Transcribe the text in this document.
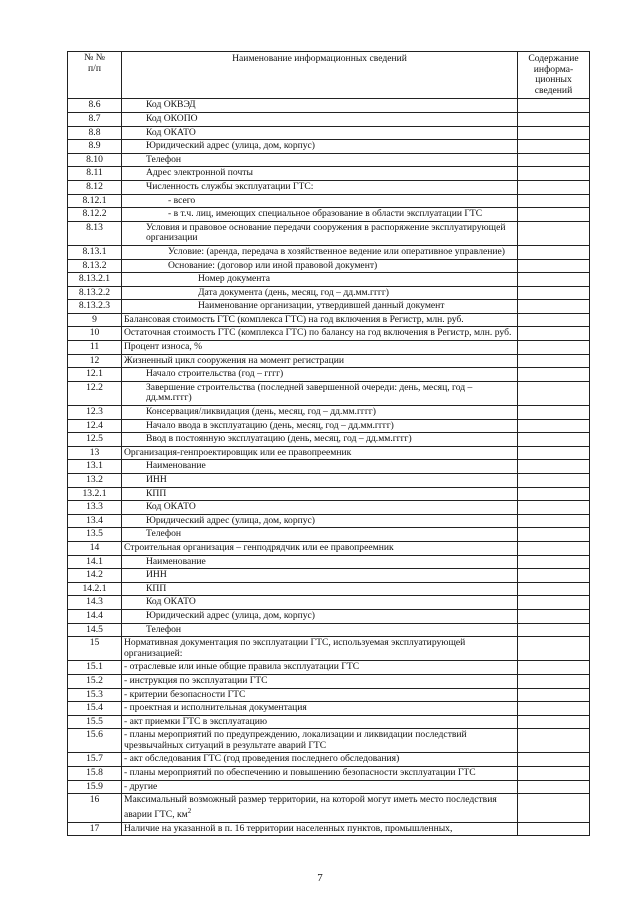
№ №
п/п	Наименование информационных сведений	Содержание информа-ционных сведений
8.6	Код ОКВЭД	
8.7	Код ОКОПО	
8.8	Код ОКАТО	
8.9	Юридический адрес (улица, дом, корпус)	
8.10	Телефон	
8.11	Адрес электронной почты	
8.12	Численность службы эксплуатации ГТС:	
8.12.1	- всего	
8.12.2	- в т.ч. лиц, имеющих специальное образование в области эксплуатации ГТС	
8.13	Условия и правовое основание передачи сооружения в распоряжение эксплуатирующей организации	
8.13.1	Условие: (аренда, передача в хозяйственное ведение или оперативное управление)	
8.13.2	Основание: (договор или иной правовой документ)	
8.13.2.1	Номер документа	
8.13.2.2	Дата документа (день, месяц, год – дд.мм.гггг)	
8.13.2.3	Наименование организации, утвердившей данный документ	
9	Балансовая стоимость ГТС (комплекса ГТС) на год включения в Регистр, млн. руб.	
10	Остаточная стоимость ГТС (комплекса ГТС) по балансу на год включения в Регистр, млн. руб.	
11	Процент износа, %	
12	Жизненный цикл сооружения на момент регистрации	
12.1	Начало строительства (год – гггг)	
12.2	Завершение строительства (последней завершенной очереди: день, месяц, год – дд.мм.гггг)	
12.3	Консервация/ликвидация (день, месяц, год – дд.мм.гггг)	
12.4	Начало ввода в эксплуатацию (день, месяц, год – дд.мм.гггг)	
12.5	Ввод в постоянную эксплуатацию (день, месяц, год – дд.мм.гггг)	
13	Организация-генпроектировщик или ее правопреемник	
13.1	Наименование	
13.2	ИНН	
13.2.1	КПП	
13.3	Код ОКАТО	
13.4	Юридический адрес (улица, дом, корпус)	
13.5	Телефон	
14	Строительная организация – генподрядчик или ее правопреемник	
14.1	Наименование	
14.2	ИНН	
14.2.1	КПП	
14.3	Код ОКАТО	
14.4	Юридический адрес (улица, дом, корпус)	
14.5	Телефон	
15	Нормативная документация по эксплуатации ГТС, используемая эксплуатирующей организацией:	
15.1	- отраслевые или иные общие правила эксплуатации ГТС	
15.2	- инструкция по эксплуатации ГТС	
15.3	- критерии безопасности ГТС	
15.4	- проектная и исполнительная документация	
15.5	- акт приемки ГТС в эксплуатацию	
15.6	- планы мероприятий по предупреждению, локализации и ликвидации последствий чрезвычайных ситуаций в результате аварий ГТС	
15.7	- акт обследования ГТС (год проведения последнего обследования)	
15.8	- планы мероприятий по обеспечению и повышению безопасности эксплуатации ГТС	
15.9	- другие	
16	Максимальный возможный размер территории, на которой могут иметь место последствия аварии ГТС, $км^2$	
17	Наличие на указанной в п. 16 территории населенных пунктов, промышленных,	
7
